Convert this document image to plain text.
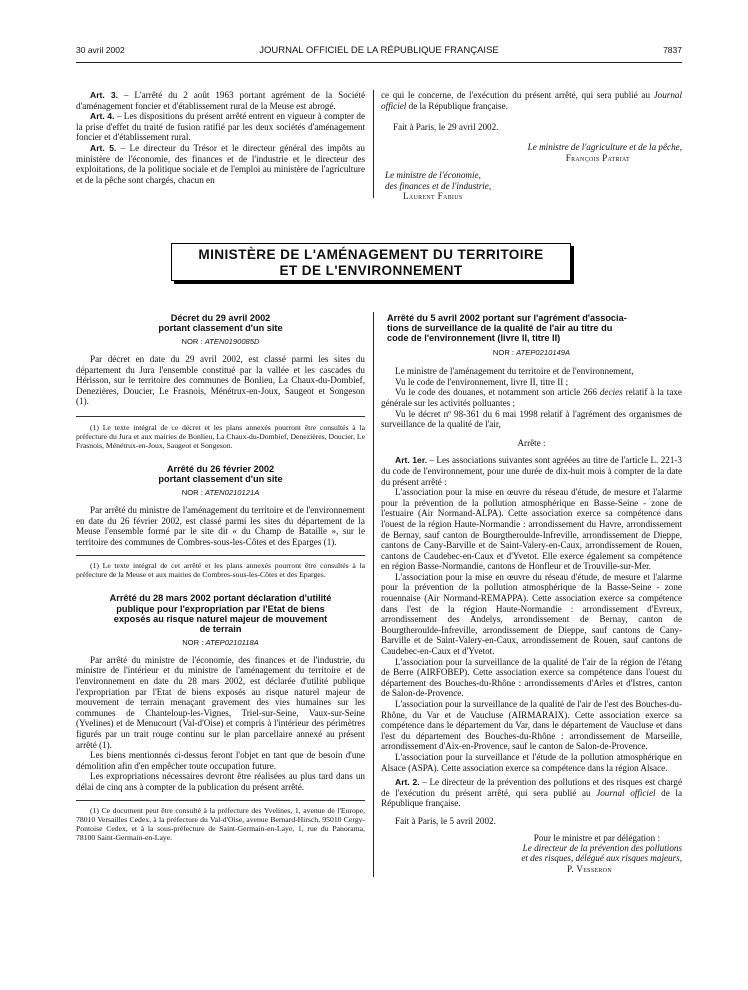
30 avril 2002	JOURNAL OFFICIEL DE LA RÉPUBLIQUE FRANÇAISE	7837

Art. 3. – L'arrêté du 2 août 1963 portant agrément de la Société d'aménagement foncier et d'établissement rural de la Meuse est abrogé.

Art. 4. – Les dispositions du présent arrêté entrent en vigueur à compter de la prise d'effet du traité de fusion ratifié par les deux sociétés d'aménagement foncier et d'établissement rural.

Art. 5. – Le directeur du Trésor et le directeur général des impôts au ministère de l'économie, des finances et de l'industrie et le directeur des exploitations, de la politique sociale et de l'emploi au ministère de l'agriculture et de la pêche sont chargés, chacun en

ce qui le concerne, de l'exécution du présent arrêté, qui sera publié au Journal officiel de la République française.

Fait à Paris, le 29 avril 2002.
Le ministre de l'agriculture et de la pêche,
François Patriat
Le ministre de l'économie,
des finances et de l'industrie,
Laurent Fabius
MINISTÈRE DE L'AMÉNAGEMENT DU TERRITOIRE
ET DE L'ENVIRONNEMENT

Décret du 29 avril 2002
portant classement d'un site

NOR : ATEN0190085D

Par décret en date du 29 avril 2002, est classé parmi les sites du département du Jura l'ensemble constitué par la vallée et les cascades du Hérisson, sur le territoire des communes de Bonlieu, La Chaux-du-Dombief, Denezières, Doucier, Le Frasnois, Ménétrux-en-Joux, Saugeot et Songeson (1).

(1) Le texte intégral de ce décret et les plans annexés pourront être consultés à la préfecture du Jura et aux mairies de Bonlieu, La Chaux-du-Dombief, Denezières, Doucier, Le Frasnois, Ménétrux-en-Joux, Saugeot et Songeson.

Arrêté du 26 février 2002
portant classement d'un site

NOR : ATEN0210121A

Par arrêté du ministre de l'aménagement du territoire et de l'environnement en date du 26 février 2002, est classé parmi les sites du département de la Meuse l'ensemble formé par le site dit « du Champ de Bataille », sur le territoire des communes de Combres-sous-les-Côtes et des Eparges (1).

(1) Le texte intégral de cet arrêté et les plans annexés pourront être consultés à la préfecture de la Meuse et aux mairies de Combres-sous-les-Côtes et des Eparges.

Arrêté du 28 mars 2002 portant déclaration d'utilité
publique pour l'expropriation par l'Etat de biens
exposés au risque naturel majeur de mouvement
de terrain

NOR : ATEP0210118A

Par arrêté du ministre de l'économie, des finances et de l'industrie, du ministre de l'intérieur et du ministre de l'aménagement du territoire et de l'environnement en date du 28 mars 2002, est déclarée d'utilité publique l'expropriation par l'Etat de biens exposés au risque naturel majeur de mouvement de terrain menaçant gravement des vies humaines sur les communes de Chanteloup-les-Vignes, Triel-sur-Seine, Vaux-sur-Seine (Yvelines) et de Menucourt (Val-d'Oise) et compris à l'intérieur des périmètres figurés par un trait rouge continu sur le plan parcellaire annexé au présent arrêté (1).

Les biens mentionnés ci-dessus feront l'objet en tant que de besoin d'une démolition afin d'en empêcher toute occupation future.

Les expropriations nécessaires devront être réalisées au plus tard dans un délai de cinq ans à compter de la publication du présent arrêté.

(1) Ce document peut être consulté à la préfecture des Yvelines, 1, avenue de l'Europe, 78010 Versailles Cedex, à la préfecture du Val-d'Oise, avenue Bernard-Hirsch, 95010 Cergy-Pontoise Cedex, et à la sous-préfecture de Saint-Germain-en-Laye, 1, rue du Panorama, 78100 Saint-Germain-en-Laye.

Arrêté du 5 avril 2002 portant sur l'agrément d'associa-
tions de surveillance de la qualité de l'air au titre du
code de l'environnement (livre II, titre II)

NOR : ATEP0210149A

Le ministre de l'aménagement du territoire et de l'environnement,

Vu le code de l'environnement, livre II, titre II ;

Vu le code des douanes, et notamment son article 266 decies relatif à la taxe générale sur les activités polluantes ;

Vu le décret nº 98-361 du 6 mai 1998 relatif à l'agrément des organismes de surveillance de la qualité de l'air,

Arrête :

Art. 1er. – Les associations suivantes sont agréées au titre de l'article L. 221-3 du code de l'environnement, pour une durée de dix-huit mois à compter de la date du présent arrêté :

L'association pour la mise en œuvre du réseau d'étude, de mesure et l'alarme pour la prévention de la pollution atmosphérique en Basse-Seine - zone de l'estuaire (Air Normand-ALPA). Cette association exerce sa compétence dans l'ouest de la région Haute-Normandie : arrondissement du Havre, arrondissement de Bernay, sauf canton de Bourgtheroulde-Infreville, arrondissement de Dieppe, cantons de Cany-Barville et de Saint-Valery-en-Caux, arrondissement de Rouen, cantons de Caudebec-en-Caux et d'Yvetot. Elle exerce également sa compétence en région Basse-Normandie, cantons de Honfleur et de Trouville-sur-Mer.

L'association pour la mise en œuvre du réseau d'étude, de mesure et l'alarme pour la prévention de la pollution atmosphérique de la Basse-Seine - zone rouennaise (Air Normand-REMAPPA). Cette association exerce sa compétence dans l'est de la région Haute-Normandie : arrondissement d'Evreux, arrondissement des Andelys, arrondissement de Bernay, canton de Bourgtheroulde-Infreville, arrondissement de Dieppe, sauf cantons de Cany-Barville et de Saint-Valery-en-Caux, arrondissement de Rouen, sauf cantons de Caudebec-en-Caux et d'Yvetot.

L'association pour la surveillance de la qualité de l'air de la région de l'étang de Berre (AIRFOBEP). Cette association exerce sa compétence dans l'ouest du département des Bouches-du-Rhône : arrondissements d'Arles et d'Istres, canton de Salon-de-Provence.

L'association pour la surveillance de la qualité de l'air de l'est des Bouches-du-Rhône, du Var et de Vaucluse (AIRMARAIX). Cette association exerce sa compétence dans le département du Var, dans le département de Vaucluse et dans l'est du département des Bouches-du-Rhône : arrondissement de Marseille, arrondissement d'Aix-en-Provence, sauf le canton de Salon-de-Provence.

L'association pour la surveillance et l'étude de la pollution atmosphérique en Alsace (ASPA). Cette association exerce sa compétence dans la région Alsace.

Art. 2. – Le directeur de la prévention des pollutions et des risques est chargé de l'exécution du présent arrêté, qui sera publié au Journal officiel de la République française.

Fait à Paris, le 5 avril 2002.

Pour le ministre et par délégation :
Le directeur de la prévention des pollutions
et des risques, délégué aux risques majeurs,
P. Vesseron
